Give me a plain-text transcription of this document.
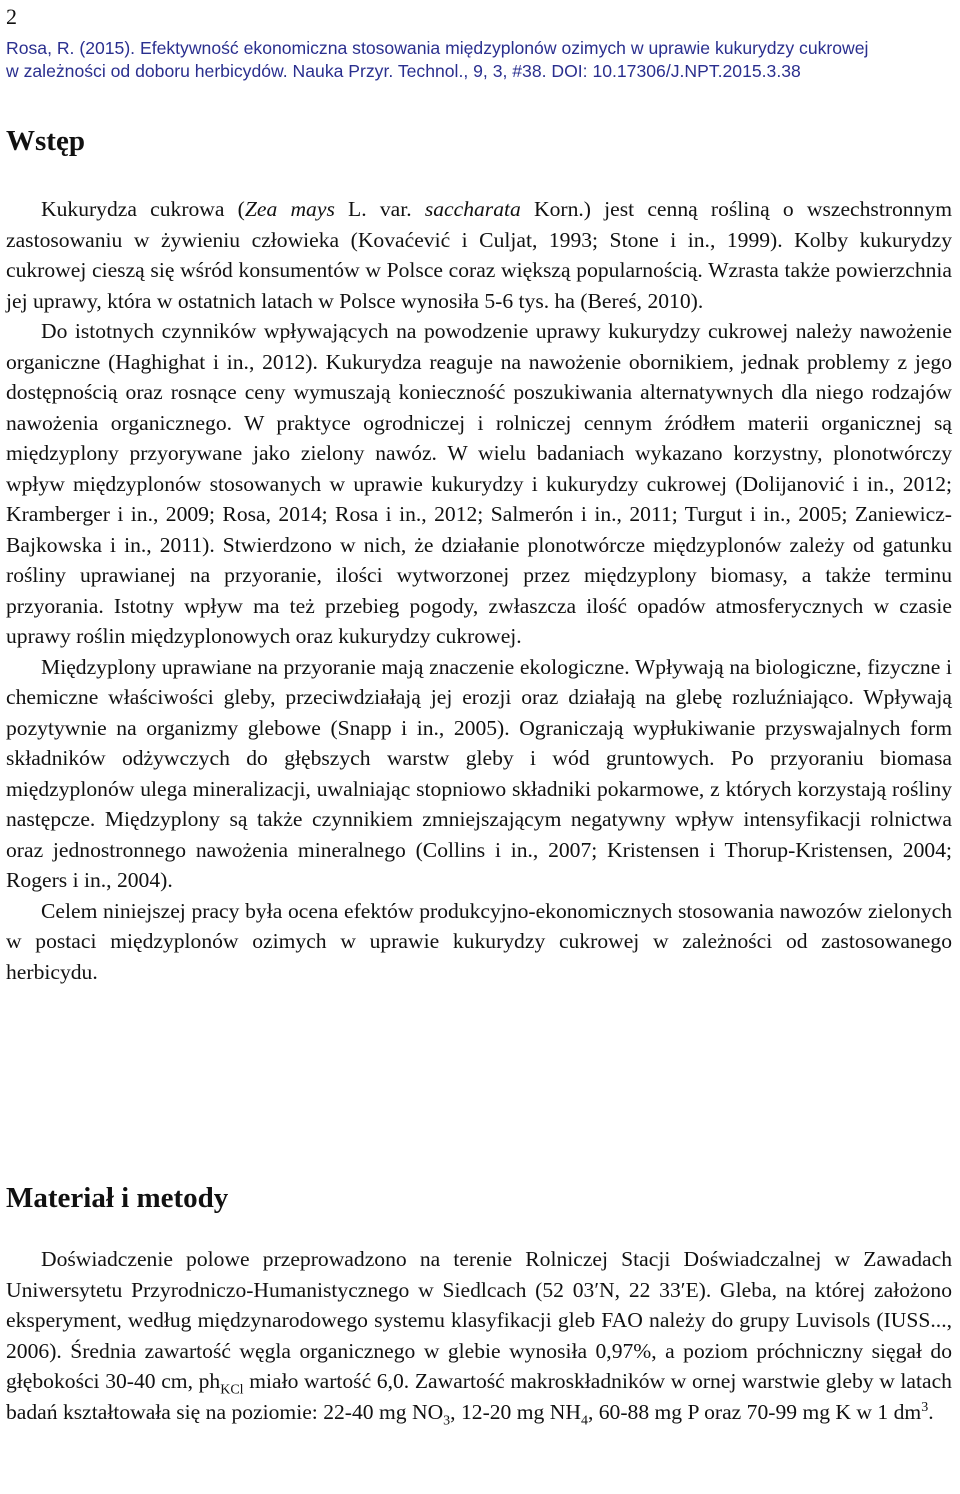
2
Rosa, R. (2015). Efektywność ekonomiczna stosowania międzyplonów ozimych w uprawie kukurydzy cukrowej
w zależności od doboru herbicydów. Nauka Przyr. Technol., 9, 3, #38. DOI: 10.17306/J.NPT.2015.3.38
Wstęp

Kukurydza cukrowa (Zea mays L. var. saccharata Korn.) jest cenną rośliną o wszechstronnym zastosowaniu w żywieniu człowieka (Kovaćević i Culjat, 1993; Stone i in., 1999). Kolby kukurydzy cukrowej cieszą się wśród konsumentów w Polsce coraz większą popularnością. Wzrasta także powierzchnia jej uprawy, która w ostatnich latach w Polsce wynosiła 5-6 tys. ha (Bereś, 2010).

Do istotnych czynników wpływających na powodzenie uprawy kukurydzy cukrowej należy nawożenie organiczne (Haghighat i in., 2012). Kukurydza reaguje na nawożenie obornikiem, jednak problemy z jego dostępnością oraz rosnące ceny wymuszają konieczność poszukiwania alternatywnych dla niego rodzajów nawożenia organicznego. W praktyce ogrodniczej i rolniczej cennym źródłem materii organicznej są międzyplony przyorywane jako zielony nawóz. W wielu badaniach wykazano korzystny, plonotwórczy wpływ międzyplonów stosowanych w uprawie kukurydzy i kukurydzy cukrowej (Dolijanović i in., 2012; Kramberger i in., 2009; Rosa, 2014; Rosa i in., 2012; Salmerón i in., 2011; Turgut i in., 2005; Zaniewicz-Bajkowska i in., 2011). Stwierdzono w nich, że działanie plonotwórcze międzyplonów zależy od gatunku rośliny uprawianej na przyoranie, ilości wytworzonej przez międzyplony biomasy, a także terminu przyorania. Istotny wpływ ma też przebieg pogody, zwłaszcza ilość opadów atmosferycznych w czasie uprawy roślin międzyplonowych oraz kukurydzy cukrowej.

Międzyplony uprawiane na przyoranie mają znaczenie ekologiczne. Wpływają na biologiczne, fizyczne i chemiczne właściwości gleby, przeciwdziałają jej erozji oraz działają na glebę rozluźniająco. Wpływają pozytywnie na organizmy glebowe (Snapp i in., 2005). Ograniczają wypłukiwanie przyswajalnych form składników odżywczych do głębszych warstw gleby i wód gruntowych. Po przyoraniu biomasa międzyplonów ulega mineralizacji, uwalniając stopniowo składniki pokarmowe, z których korzystają rośliny następcze. Międzyplony są także czynnikiem zmniejszającym negatywny wpływ intensyfikacji rolnictwa oraz jednostronnego nawożenia mineralnego (Collins i in., 2007; Kristensen i Thorup-Kristensen, 2004; Rogers i in., 2004).

Celem niniejszej pracy była ocena efektów produkcyjno-ekonomicznych stosowania nawozów zielonych w postaci międzyplonów ozimych w uprawie kukurydzy cukrowej w zależności od zastosowanego herbicydu.

Materiał i metody

Doświadczenie polowe przeprowadzono na terenie Rolniczej Stacji Doświadczalnej w Zawadach Uniwersytetu Przyrodniczo-Humanistycznego w Siedlcach (52 03′N, 22 33′E). Gleba, na której założono eksperyment, według międzynarodowego systemu klasyfikacji gleb FAO należy do grupy Luvisols (IUSS..., 2006). Średnia zawartość węgla organicznego w glebie wynosiła 0,97%, a poziom próchniczny sięgał do głębokości 30-40 cm, $ph_{KCl}$ miało wartość 6,0. Zawartość makroskładników w ornej warstwie gleby w latach badań kształtowała się na poziomie: 22-40 mg $NO_3$, 12-20 mg $NH_4$, 60-88 mg P oraz 70-99 mg K w 1 $dm^3$.
